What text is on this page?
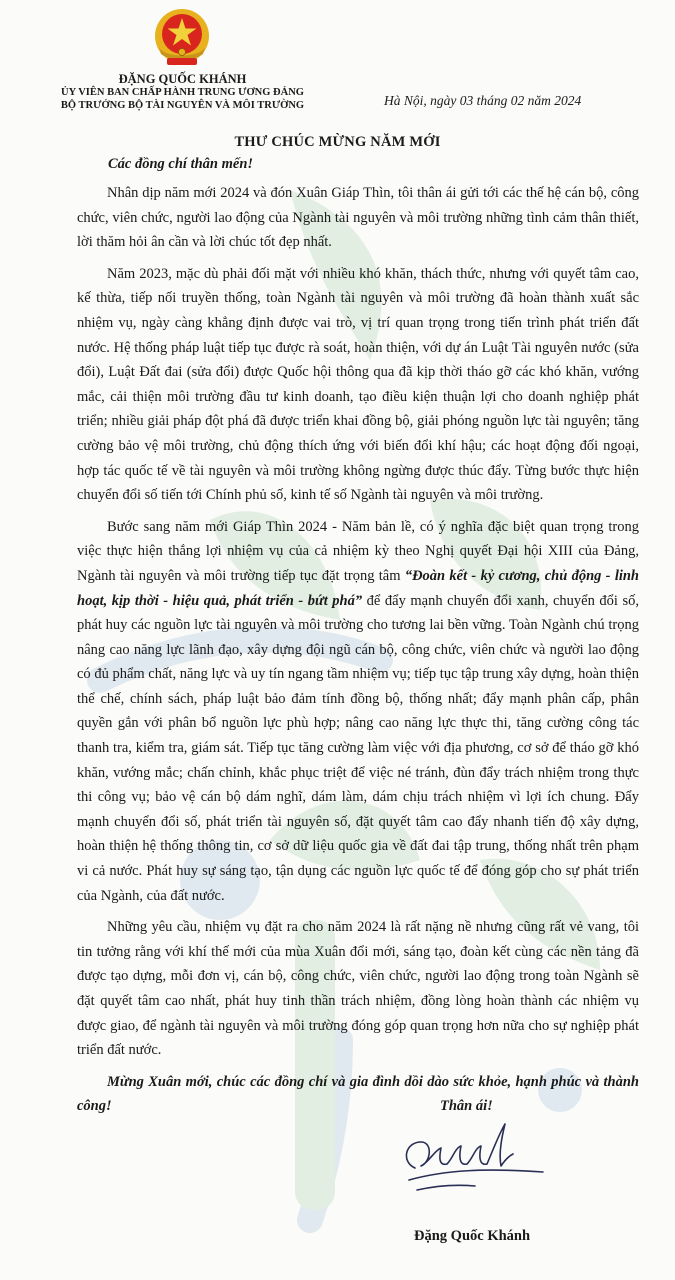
ĐẶNG QUỐC KHÁNH
ỦY VIÊN BAN CHẤP HÀNH TRUNG ƯƠNG ĐẢNG
BỘ TRƯỞNG BỘ TÀI NGUYÊN VÀ MÔI TRƯỜNG	Hà Nội, ngày 03 tháng 02 năm 2024
THƯ CHÚC MỪNG NĂM MỚI
Các đồng chí thân mến!

Nhân dịp năm mới 2024 và đón Xuân Giáp Thìn, tôi thân ái gửi tới các thế hệ cán bộ, công chức, viên chức, người lao động của Ngành tài nguyên và môi trường những tình cảm thân thiết, lời thăm hỏi ân cần và lời chúc tốt đẹp nhất.

Năm 2023, mặc dù phải đối mặt với nhiều khó khăn, thách thức, nhưng với quyết tâm cao, kế thừa, tiếp nối truyền thống, toàn Ngành tài nguyên và môi trường đã hoàn thành xuất sắc nhiệm vụ, ngày càng khẳng định được vai trò, vị trí quan trọng trong tiến trình phát triển đất nước. Hệ thống pháp luật tiếp tục được rà soát, hoàn thiện, với dự án Luật Tài nguyên nước (sửa đổi), Luật Đất đai (sửa đổi) được Quốc hội thông qua đã kịp thời tháo gỡ các khó khăn, vướng mắc, cải thiện môi trường đầu tư kinh doanh, tạo điều kiện thuận lợi cho doanh nghiệp phát triển; nhiều giải pháp đột phá đã được triển khai đồng bộ, giải phóng nguồn lực tài nguyên; tăng cường bảo vệ môi trường, chủ động thích ứng với biến đổi khí hậu; các hoạt động đối ngoại, hợp tác quốc tế về tài nguyên và môi trường không ngừng được thúc đẩy. Từng bước thực hiện chuyển đổi số tiến tới Chính phủ số, kinh tế số Ngành tài nguyên và môi trường.

Bước sang năm mới Giáp Thìn 2024 - Năm bản lề, có ý nghĩa đặc biệt quan trọng trong việc thực hiện thắng lợi nhiệm vụ của cả nhiệm kỳ theo Nghị quyết Đại hội XIII của Đảng, Ngành tài nguyên và môi trường tiếp tục đặt trọng tâm “Đoàn kết - kỷ cương, chủ động - linh hoạt, kịp thời - hiệu quả, phát triển - bứt phá” để đẩy mạnh chuyển đổi xanh, chuyển đổi số, phát huy các nguồn lực tài nguyên và môi trường cho tương lai bền vững. Toàn Ngành chú trọng nâng cao năng lực lãnh đạo, xây dựng đội ngũ cán bộ, công chức, viên chức và người lao động có đủ phẩm chất, năng lực và uy tín ngang tầm nhiệm vụ; tiếp tục tập trung xây dựng, hoàn thiện thể chế, chính sách, pháp luật bảo đảm tính đồng bộ, thống nhất; đẩy mạnh phân cấp, phân quyền gắn với phân bổ nguồn lực phù hợp; nâng cao năng lực thực thi, tăng cường công tác thanh tra, kiểm tra, giám sát. Tiếp tục tăng cường làm việc với địa phương, cơ sở để tháo gỡ khó khăn, vướng mắc; chấn chỉnh, khắc phục triệt để việc né tránh, đùn đẩy trách nhiệm trong thực thi công vụ; bảo vệ cán bộ dám nghĩ, dám làm, dám chịu trách nhiệm vì lợi ích chung. Đẩy mạnh chuyển đổi số, phát triển tài nguyên số, đặt quyết tâm cao đẩy nhanh tiến độ xây dựng, hoàn thiện hệ thống thông tin, cơ sở dữ liệu quốc gia về đất đai tập trung, thống nhất trên phạm vi cả nước. Phát huy sự sáng tạo, tận dụng các nguồn lực quốc tế để đóng góp cho sự phát triển của Ngành, của đất nước.

Những yêu cầu, nhiệm vụ đặt ra cho năm 2024 là rất nặng nề nhưng cũng rất vẻ vang, tôi tin tưởng rằng với khí thế mới của mùa Xuân đổi mới, sáng tạo, đoàn kết cùng các nền tảng đã được tạo dựng, mỗi đơn vị, cán bộ, công chức, viên chức, người lao động trong toàn Ngành sẽ đặt quyết tâm cao nhất, phát huy tinh thần trách nhiệm, đồng lòng hoàn thành các nhiệm vụ được giao, để ngành tài nguyên và môi trường đóng góp quan trọng hơn nữa cho sự nghiệp phát triển đất nước.

Mừng Xuân mới, chúc các đồng chí và gia đình dồi dào sức khỏe, hạnh phúc và thành công!	Thân ái!
Đặng Quốc Khánh
